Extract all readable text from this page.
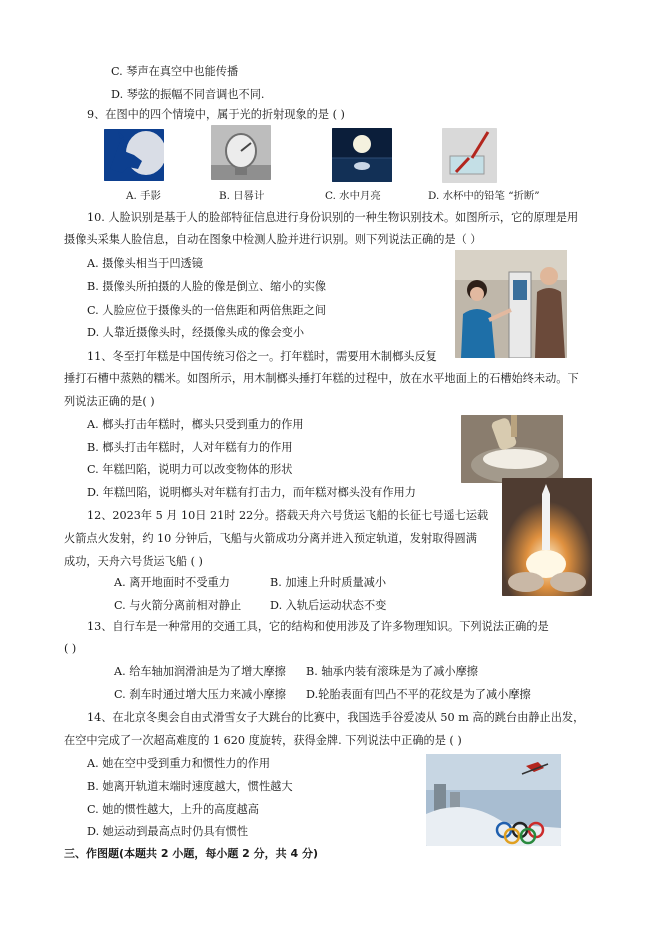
C. 琴声在真空中也能传播
D. 琴弦的振幅不同音调也不同.
9、在图中的四个情境中，属于光的折射现象的是 ( )
A. 手影	B. 日晷计	C. 水中月亮	D. 水杯中的铅笔 “折断”
10. 人脸识别是基于人的脸部特征信息进行身份识别的一种生物识别技术。如图所示，它的原理是用
摄像头采集人脸信息，自动在图象中检测人脸并进行识别。则下列说法正确的是（ ）
A. 摄像头相当于凹透镜
B. 摄像头所拍摄的人脸的像是倒立、缩小的实像
C. 人脸应位于摄像头的一倍焦距和两倍焦距之间
D. 人靠近摄像头时，经摄像头成的像会变小
11、冬至打年糕是中国传统习俗之一。打年糕时，需要用木制榔头反复
捶打石槽中蒸熟的糯米。如图所示，用木制榔头捶打年糕的过程中，放在水平地面上的石槽始终未动。下
列说法正确的是( )
A. 榔头打击年糕时，榔头只受到重力的作用
B. 榔头打击年糕时，人对年糕有力的作用
C. 年糕凹陷，说明力可以改变物体的形状
D. 年糕凹陷，说明榔头对年糕有打击力，而年糕对榔头没有作用力
12、2023年 5 月 10日 21时 22分。搭载天舟六号货运飞船的长征七号遥七运载
火箭点火发射，约 10 分钟后，飞船与火箭成功分离并进入预定轨道，发射取得圆满
成功，天舟六号货运飞船 ( )
A. 离开地面时不受重力	B. 加速上升时质量减小
C. 与火箭分离前相对静止	D. 入轨后运动状态不变
13、自行车是一种常用的交通工具，它的结构和使用涉及了许多物理知识。下列说法正确的是
( )
A. 给车轴加润滑油是为了增大摩擦 B. 轴承内装有滚珠是为了减小摩擦
C. 刹车时通过增大压力来减小摩擦 D.轮胎表面有凹凸不平的花纹是为了减小摩擦
14、在北京冬奥会自由式滑雪女子大跳台的比赛中，我国选手谷爱凌从 50 m 高的跳台由静止出发，
在空中完成了一次超高难度的 1 620 度旋转，获得金牌. 下列说法中正确的是 ( )
A. 她在空中受到重力和惯性力的作用
B. 她离开轨道末端时速度越大，惯性越大
C. 她的惯性越大，上升的高度越高
D. 她运动到最高点时仍具有惯性
三、作图题(本题共 2 小题，每小题 2 分，共 4 分)
